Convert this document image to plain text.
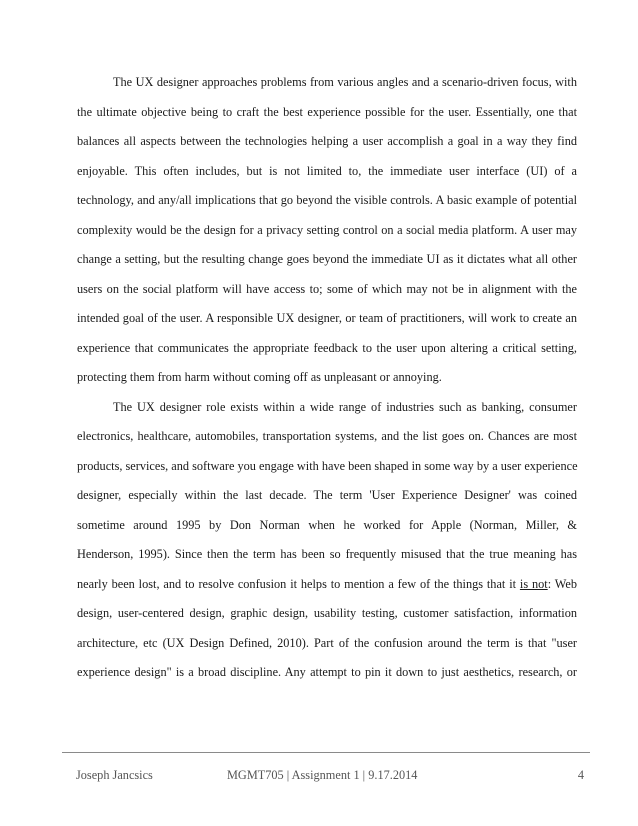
The UX designer approaches problems from various angles and a scenario-driven focus, with
the ultimate objective being to craft the best experience possible for the user. Essentially, one that
balances all aspects between the technologies helping a user accomplish a goal in a way they find
enjoyable. This often includes, but is not limited to, the immediate user interface (UI) of a
technology, and any/all implications that go beyond the visible controls. A basic example of potential
complexity would be the design for a privacy setting control on a social media platform. A user may
change a setting, but the resulting change goes beyond the immediate UI as it dictates what all other
users on the social platform will have access to; some of which may not be in alignment with the
intended goal of the user. A responsible UX designer, or team of practitioners, will work to create an
experience that communicates the appropriate feedback to the user upon altering a critical setting,
protecting them from harm without coming off as unpleasant or annoying.
The UX designer role exists within a wide range of industries such as banking, consumer
electronics, healthcare, automobiles, transportation systems, and the list goes on. Chances are most
products, services, and software you engage with have been shaped in some way by a user experience
designer, especially within the last decade. The term 'User Experience Designer' was coined
sometime around 1995 by Don Norman when he worked for Apple (Norman, Miller, &
Henderson, 1995). Since then the term has been so frequently misused that the true meaning has
nearly been lost, and to resolve confusion it helps to mention a few of the things that it is not: Web
design, user-centered design, graphic design, usability testing, customer satisfaction, information
architecture, etc (UX Design Defined, 2010). Part of the confusion around the term is that "user
experience design" is a broad discipline. Any attempt to pin it down to just aesthetics, research, or
Joseph Jancsics	MGMT705 | Assignment 1 | 9.17.2014	4
